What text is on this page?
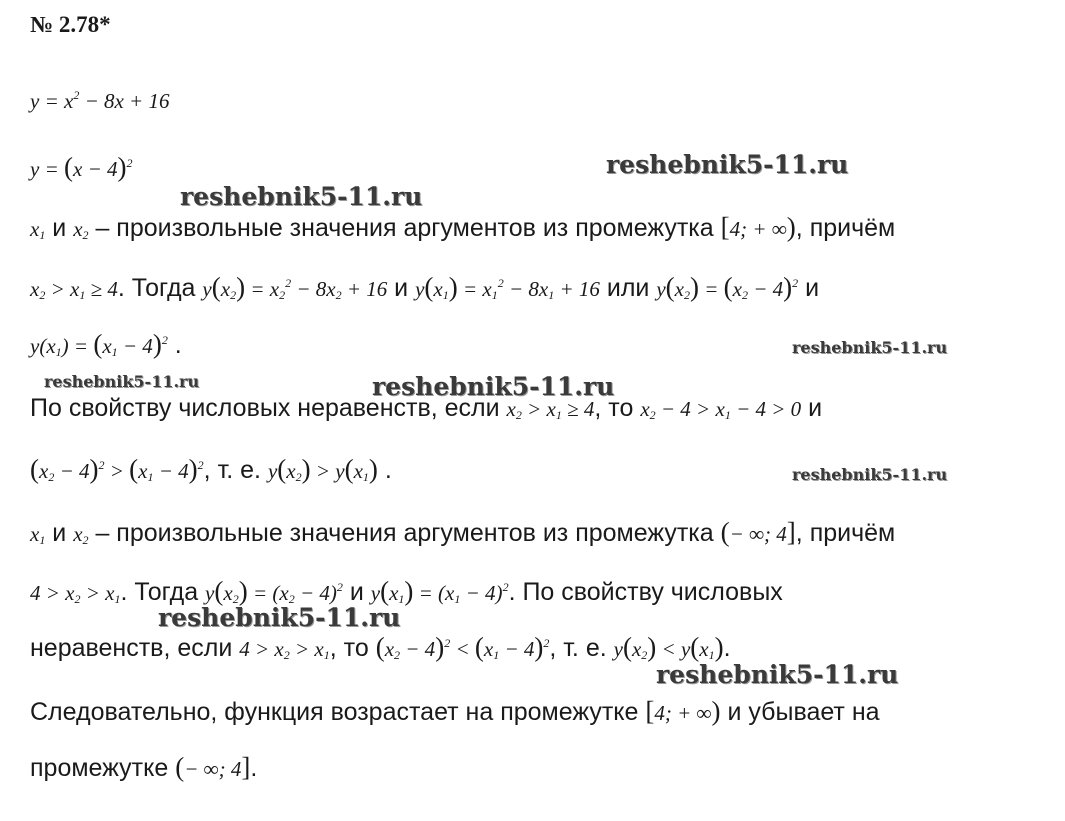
№ 2.78*
$y = x^2 - 8x + 16$
$y = (x - 4)^2$
$x_1$ и $x_2$ – произвольные значения аргументов из промежутка [4; + ∞), причём
$x_2 > x_1 \ge 4$. Тогда $y(x_2) = x_2^2 - 8x_2 + 16$ и $y(x_1) = x_1^2 - 8x_1 + 16$ или $y(x_2) = (x_2 - 4)^2$ и
$y(x_1) = (x_1 - 4)^2$ .
По свойству числовых неравенств, если $x_2 > x_1 \ge 4$, то $x_2 - 4 > x_1 - 4 > 0$ и
$(x_2 - 4)^2 > (x_1 - 4)^2$, т. е. $y(x_2) > y(x_1)$ .
$x_1$ и $x_2$ – произвольные значения аргументов из промежутка (− ∞; 4], причём
$4 > x_2 > x_1$. Тогда $y(x_2) = (x_2 - 4)^2$ и $y(x_1) = (x_1 - 4)^2$. По свойству числовых
неравенств, если $4 > x_2 > x_1$, то $(x_2 - 4)^2 < (x_1 - 4)^2$, т. е. $y(x_2) < y(x_1)$.
Следовательно, функция возрастает на промежутке [4; + ∞) и убывает на
промежутке (− ∞; 4].
reshebnik5-11.ru
reshebnik5-11.ru
reshebnik5-11.ru
reshebnik5-11.ru	reshebnik5-11.ru
reshebnik5-11.ru
reshebnik5-11.ru
reshebnik5-11.ru
